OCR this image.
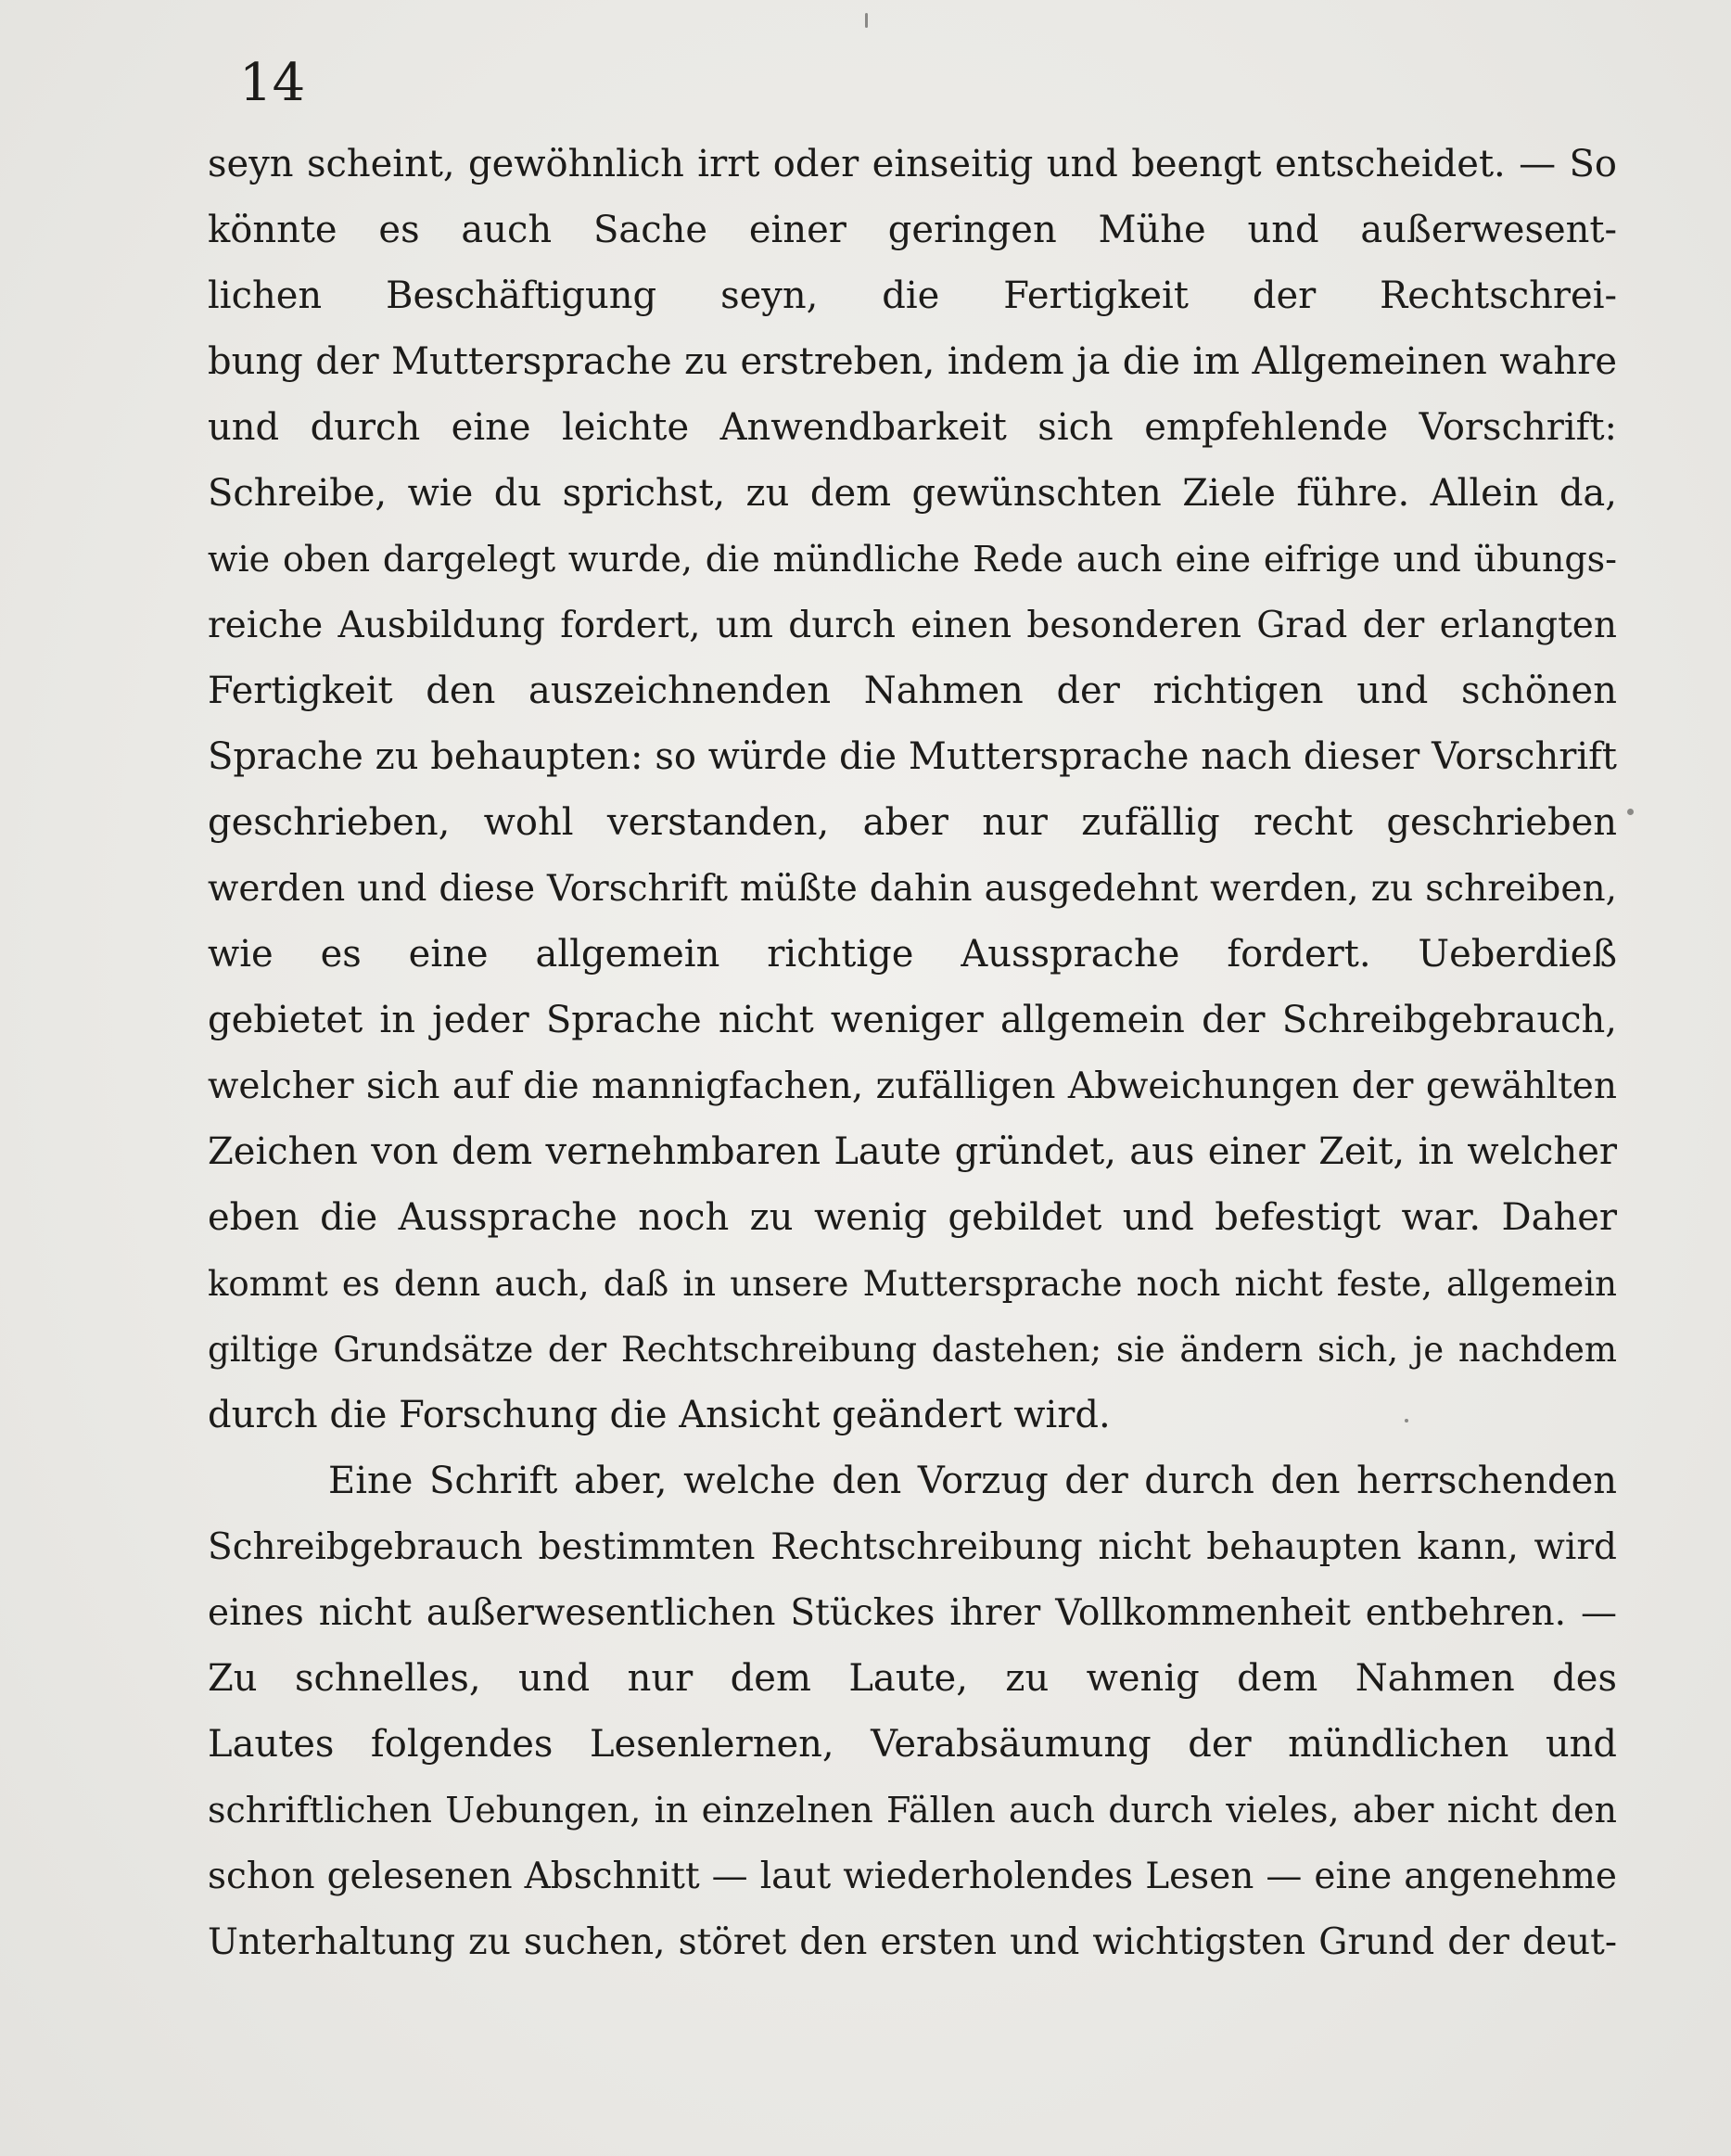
14
seyn scheint, gewöhnlich irrt oder einseitig und beengt entscheidet. — So
könnte es auch Sache einer geringen Mühe und außerwesent-
lichen Beschäftigung seyn, die Fertigkeit der Rechtschrei-
bung der Muttersprache zu erstreben, indem ja die im Allgemeinen wahre
und durch eine leichte Anwendbarkeit sich empfehlende Vorschrift:
Schreibe, wie du sprichst, zu dem gewünschten Ziele führe. Allein da,
wie oben dargelegt wurde, die mündliche Rede auch eine eifrige und übungs-
reiche Ausbildung fordert, um durch einen besonderen Grad der erlangten
Fertigkeit den auszeichnenden Nahmen der richtigen und schönen
Sprache zu behaupten: so würde die Muttersprache nach dieser Vorschrift
geschrieben, wohl verstanden, aber nur zufällig recht geschrieben
werden und diese Vorschrift müßte dahin ausgedehnt werden, zu schreiben,
wie es eine allgemein richtige Aussprache fordert. Ueberdieß
gebietet in jeder Sprache nicht weniger allgemein der Schreibgebrauch,
welcher sich auf die mannigfachen, zufälligen Abweichungen der gewählten
Zeichen von dem vernehmbaren Laute gründet, aus einer Zeit, in welcher
eben die Aussprache noch zu wenig gebildet und befestigt war. Daher
kommt es denn auch, daß in unsere Muttersprache noch nicht feste, allgemein
giltige Grundsätze der Rechtschreibung dastehen; sie ändern sich, je nachdem
durch die Forschung die Ansicht geändert wird.
Eine Schrift aber, welche den Vorzug der durch den herrschenden
Schreibgebrauch bestimmten Rechtschreibung nicht behaupten kann, wird
eines nicht außerwesentlichen Stückes ihrer Vollkommenheit entbehren. —
Zu schnelles, und nur dem Laute, zu wenig dem Nahmen des
Lautes folgendes Lesenlernen, Verabsäumung der mündlichen und
schriftlichen Uebungen, in einzelnen Fällen auch durch vieles, aber nicht den
schon gelesenen Abschnitt — laut wiederholendes Lesen — eine angenehme
Unterhaltung zu suchen, störet den ersten und wichtigsten Grund der deut-
